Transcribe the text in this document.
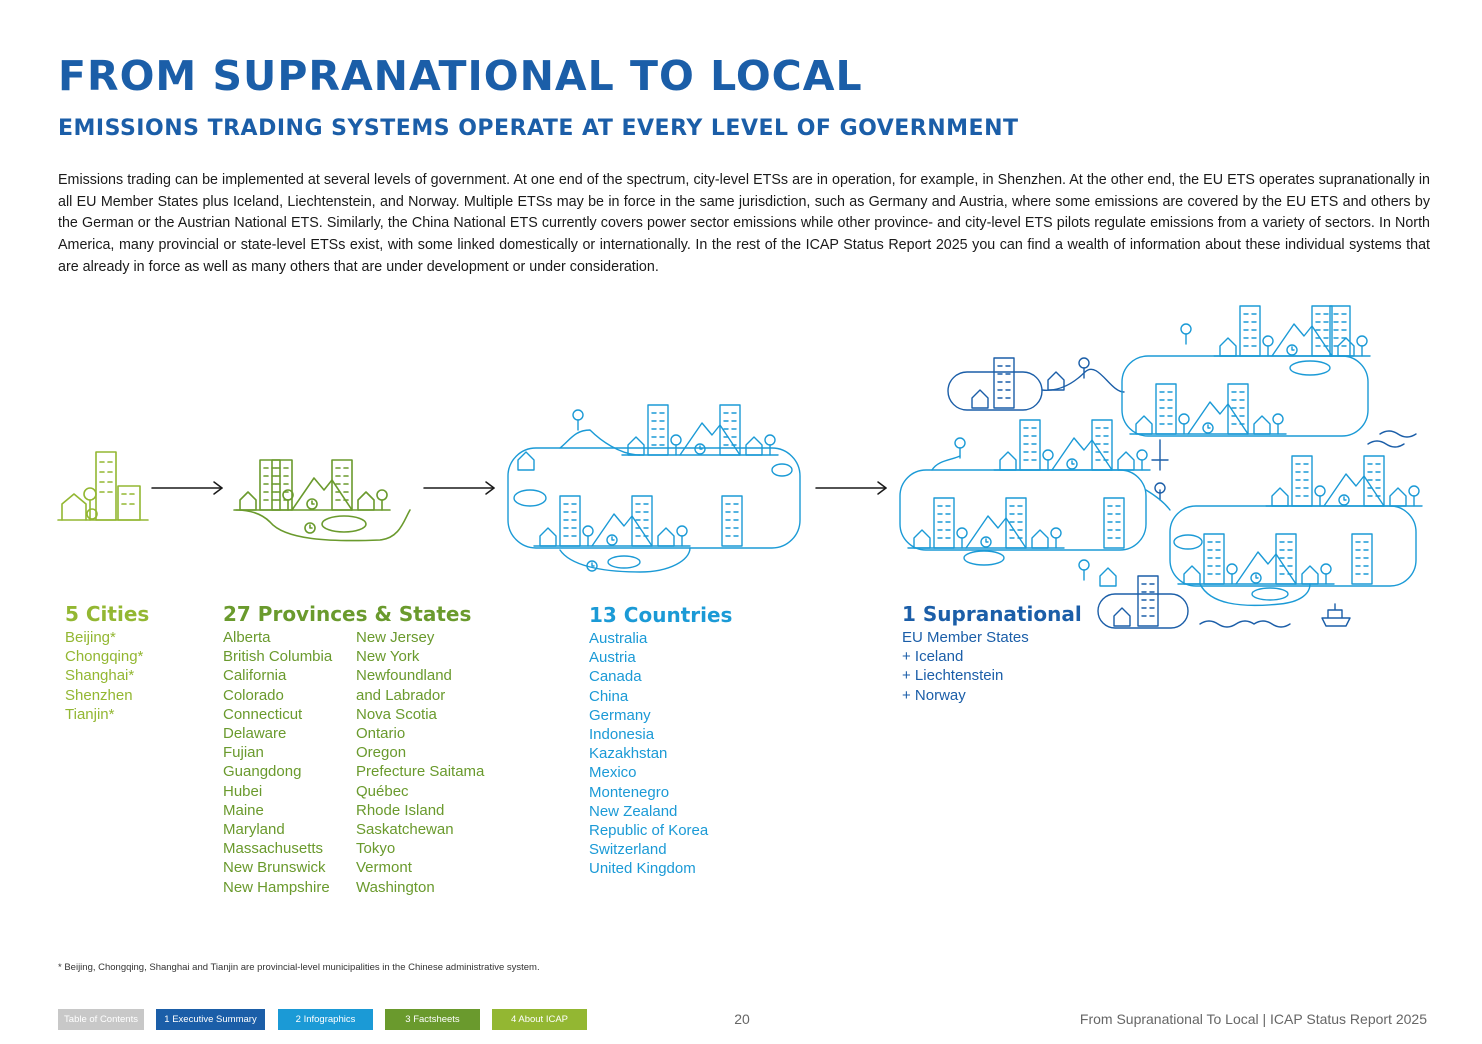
FROM SUPRANATIONAL TO LOCAL
EMISSIONS TRADING SYSTEMS OPERATE AT EVERY LEVEL OF GOVERNMENT

Emissions trading can be implemented at several levels of government. At one end of the spectrum, city-level ETSs are in operation, for example, in Shenzhen. At the other end, the EU ETS operates supranationally in all EU Member States plus Iceland, Liechtenstein, and Norway. Multiple ETSs may be in force in the same jurisdiction, such as Germany and Austria, where some emissions are covered by the EU ETS and others by the German or the Austrian National ETS. Similarly, the China National ETS currently covers power sector emissions while other province- and city-level ETS pilots regulate emissions from a variety of sectors. In North America, many provincial or state-level ETSs exist, with some linked domestically or internationally. In the rest of the ICAP Status Report 2025 you can find a wealth of information about these individual systems that are already in force as well as many others that are under development or under consideration.

5 Cities
Beijing*
Chongqing*
Shanghai*
Shenzhen
Tianjin*
27 Provinces & States
Alberta
British Columbia
California
Colorado
Connecticut
Delaware
Fujian
Guangdong
Hubei
Maine
Maryland
Massachusetts
New Brunswick
New Hampshire
New Jersey
New York
Newfoundland
and Labrador
Nova Scotia
Ontario
Oregon
Prefecture Saitama
Québec
Rhode Island
Saskatchewan
Tokyo
Vermont
Washington
13 Countries
Australia
Austria
Canada
China
Germany
Indonesia
Kazakhstan
Mexico
Montenegro
New Zealand
Republic of Korea
Switzerland
United Kingdom
1 Supranational
EU Member States
+ Iceland
+ Liechtenstein
+ Norway
* Beijing, Chongqing, Shanghai and Tianjin are provincial-level municipalities in the Chinese administrative system.
Table of Contents	1 Executive Summary	2 Infographics	3 Factsheets	4 About ICAP	20	From Supranational To Local | ICAP Status Report 2025
